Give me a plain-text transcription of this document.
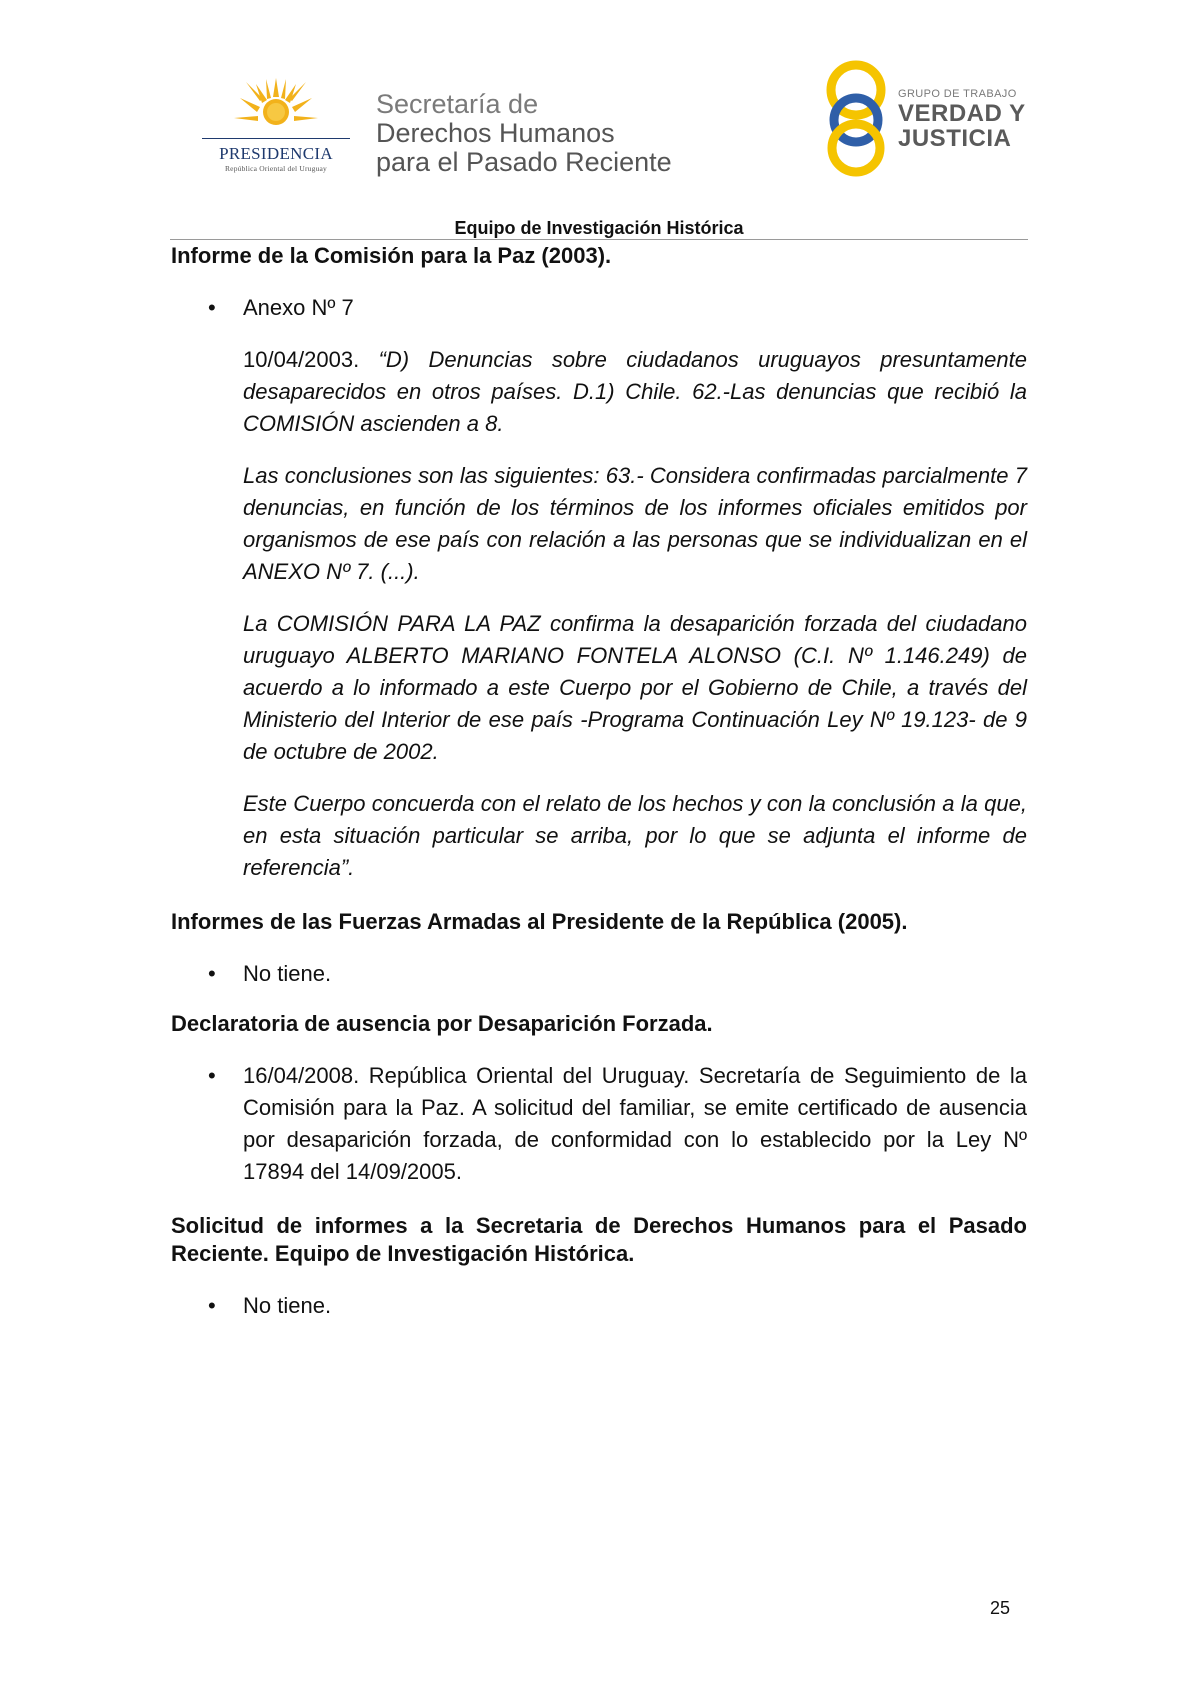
PRESIDENCIA
República Oriental del Uruguay
Secretaría de
Derechos Humanos
para el Pasado Reciente
GRUPO DE TRABAJO
VERDAD Y
JUSTICIA
Equipo de Investigación Histórica

Informe de la Comisión para la Paz (2003).

• Anexo Nº 7
10/04/2003. “D) Denuncias sobre ciudadanos uruguayos presuntamente desaparecidos en otros países. D.1) Chile. 62.-Las denuncias que recibió la COMISIÓN ascienden a 8.
Las conclusiones son las siguientes: 63.- Considera confirmadas parcialmente 7 denuncias, en función de los términos de los informes oficiales emitidos por organismos de ese país con relación a las personas que se individualizan en el ANEXO Nº 7. (...).
La COMISIÓN PARA LA PAZ confirma la desaparición forzada del ciudadano uruguayo ALBERTO MARIANO FONTELA ALONSO (C.I. Nº 1.146.249) de acuerdo a lo informado a este Cuerpo por el Gobierno de Chile, a través del Ministerio del Interior de ese país -Programa Continuación Ley Nº 19.123- de 9 de octubre de 2002.
Este Cuerpo concuerda con el relato de los hechos y con la conclusión a la que, en esta situación particular se arriba, por lo que se adjunta el informe de referencia”.

Informes de las Fuerzas Armadas al Presidente de la República (2005).

• No tiene.

Declaratoria de ausencia por Desaparición Forzada.

• 16/04/2008. República Oriental del Uruguay. Secretaría de Seguimiento de la Comisión para la Paz. A solicitud del familiar, se emite certificado de ausencia por desaparición forzada, de conformidad con lo establecido por la Ley Nº 17894 del 14/09/2005.

Solicitud de informes a la Secretaria de Derechos Humanos para el Pasado Reciente. Equipo de Investigación Histórica.

• No tiene.
25
